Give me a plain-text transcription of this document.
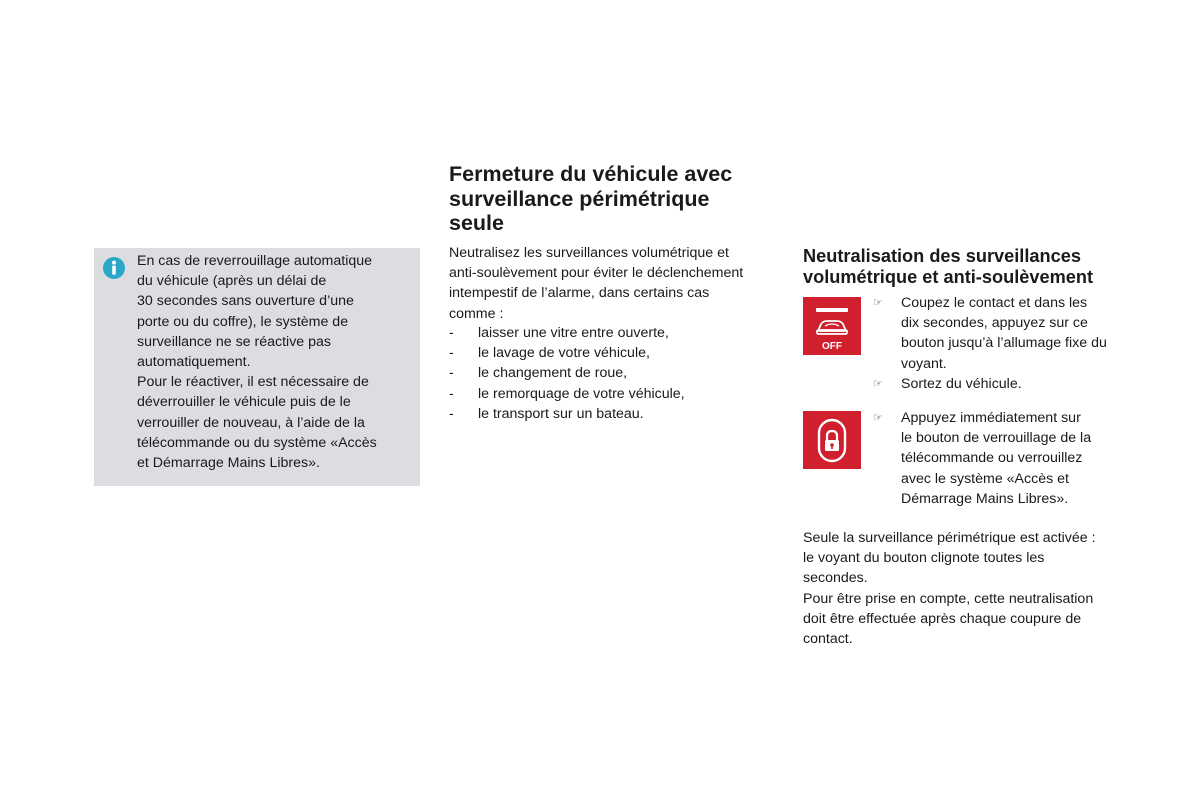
En cas de reverrouillage automatique
du véhicule (après un délai de
30 secondes sans ouverture d’une
porte ou du coffre), le système de
surveillance ne se réactive pas
automatiquement.
Pour le réactiver, il est nécessaire de
déverrouiller le véhicule puis de le
verrouiller de nouveau, à l’aide de la
télécommande ou du système «Accès
et Démarrage Mains Libres».
Fermeture du véhicule avec
surveillance périmétrique
seule
Neutralisez les surveillances volumétrique et
anti-soulèvement pour éviter le déclenchement
intempestif de l’alarme, dans certains cas
comme :
- laisser une vitre entre ouverte,
- le lavage de votre véhicule,
- le changement de roue,
- le remorquage de votre véhicule,
- le transport sur un bateau.
Neutralisation des surveillances
volumétrique et anti-soulèvement
OFF
☞ Coupez le contact et dans les
dix secondes, appuyez sur ce
bouton jusqu’à l’allumage fixe du
voyant.
☞ Sortez du véhicule.
☞ Appuyez immédiatement sur
le bouton de verrouillage de la
télécommande ou verrouillez
avec le système «Accès et
Démarrage Mains Libres».
Seule la surveillance périmétrique est activée :
le voyant du bouton clignote toutes les
secondes.
Pour être prise en compte, cette neutralisation
doit être effectuée après chaque coupure de
contact.
